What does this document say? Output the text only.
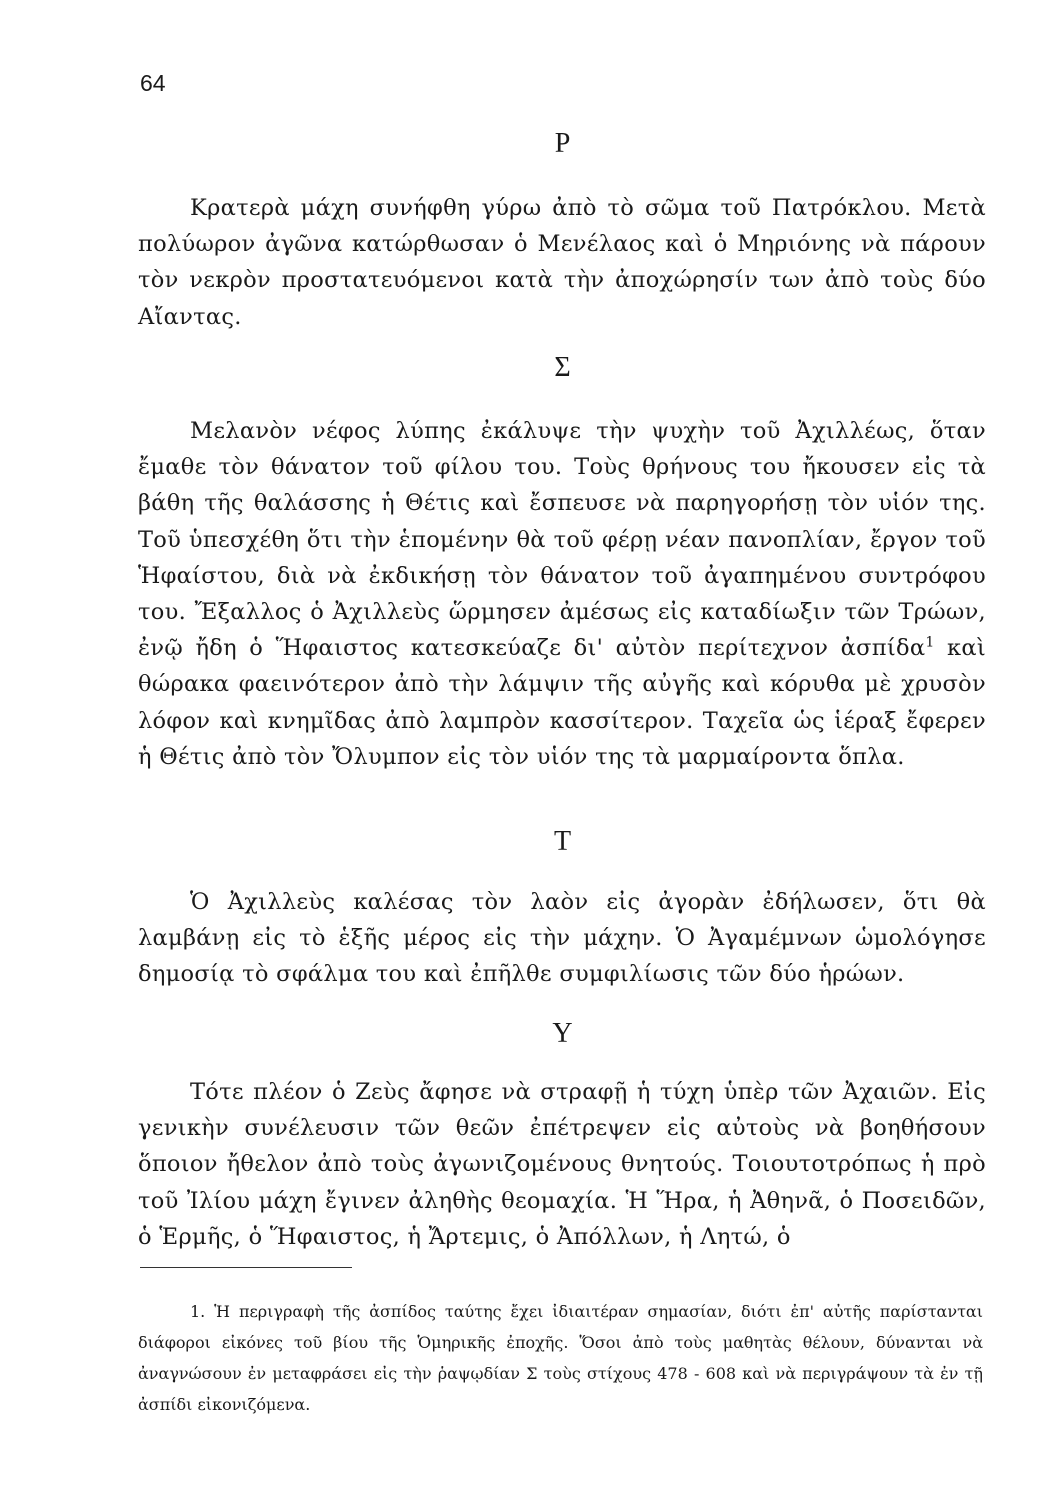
64
Ρ

Κρατερὰ μάχη συνήφθη γύρω ἀπὸ τὸ σῶμα τοῦ Πατρόκλου. Μετὰ πολύωρον ἀγῶνα κατώρθωσαν ὁ Μενέλαος καὶ ὁ Μηριόνης νὰ πάρουν τὸν νεκρὸν προστατευόμενοι κατὰ τὴν ἀποχώρησίν των ἀπὸ τοὺς δύο Αἴαντας.

Σ

Μελανὸν νέφος λύπης ἐκάλυψε τὴν ψυχὴν τοῦ Ἀχιλλέως, ὅταν ἔμαθε τὸν θάνατον τοῦ φίλου του. Τοὺς θρήνους του ἤκουσεν εἰς τὰ βάθη τῆς θαλάσσης ἡ Θέτις καὶ ἔσπευσε νὰ παρηγορήσῃ τὸν υἱόν της. Τοῦ ὑπεσχέθη ὅτι τὴν ἑπομένην θὰ τοῦ φέρῃ νέαν πανοπλίαν, ἔργον τοῦ Ἡφαίστου, διὰ νὰ ἐκδικήσῃ τὸν θάνατον τοῦ ἀγαπημένου συντρόφου του. Ἔξαλλος ὁ Ἀχιλλεὺς ὥρμησεν ἀμέσως εἰς καταδίωξιν τῶν Τρώων, ἐνῷ ἤδη ὁ Ἥφαιστος κατεσκεύαζε δι' αὐτὸν περίτεχνον ἀσπίδα$^1$ καὶ θώρακα φαεινότερον ἀπὸ τὴν λάμψιν τῆς αὐγῆς καὶ κόρυθα μὲ χρυσὸν λόφον καὶ κνημῖδας ἀπὸ λαμπρὸν κασσίτερον. Ταχεῖα ὡς ἱέραξ ἔφερεν ἡ Θέτις ἀπὸ τὸν Ὄλυμπον εἰς τὸν υἱόν της τὰ μαρμαίροντα ὅπλα.

Τ

Ὁ Ἀχιλλεὺς καλέσας τὸν λαὸν εἰς ἀγορὰν ἐδήλωσεν, ὅτι θὰ λαμβάνῃ εἰς τὸ ἑξῆς μέρος εἰς τὴν μάχην. Ὁ Ἀγαμέμνων ὡμολόγησε δημοσίᾳ τὸ σφάλμα του καὶ ἐπῆλθε συμφιλίωσις τῶν δύο ἡρώων.

Υ

Τότε πλέον ὁ Ζεὺς ἄφησε νὰ στραφῇ ἡ τύχη ὑπὲρ τῶν Ἀχαιῶν. Εἰς γενικὴν συνέλευσιν τῶν θεῶν ἐπέτρεψεν εἰς αὐτοὺς νὰ βοηθήσουν ὅποιον ἤθελον ἀπὸ τοὺς ἀγωνιζομένους θνητούς. Τοιουτοτρόπως ἡ πρὸ τοῦ Ἰλίου μάχη ἔγινεν ἀληθὴς θεομαχία. Ἡ Ἥρα, ἡ Ἀθηνᾶ, ὁ Ποσειδῶν, ὁ Ἑρμῆς, ὁ Ἥφαιστος, ἡ Ἄρτεμις, ὁ Ἀπόλλων, ἡ Λητώ, ὁ

1. Ἡ περιγραφὴ τῆς ἀσπίδος ταύτης ἔχει ἰδιαιτέραν σημασίαν, διότι ἐπ' αὐτῆς παρίστανται διάφοροι εἰκόνες τοῦ βίου τῆς Ὁμηρικῆς ἐποχῆς. Ὅσοι ἀπὸ τοὺς μαθητὰς θέλουν, δύνανται νὰ ἀναγνώσουν ἐν μεταφράσει εἰς τὴν ῥαψῳδίαν Σ τοὺς στίχους 478 - 608 καὶ νὰ περιγράψουν τὰ ἐν τῇ ἀσπίδι εἰκονιζόμενα.
